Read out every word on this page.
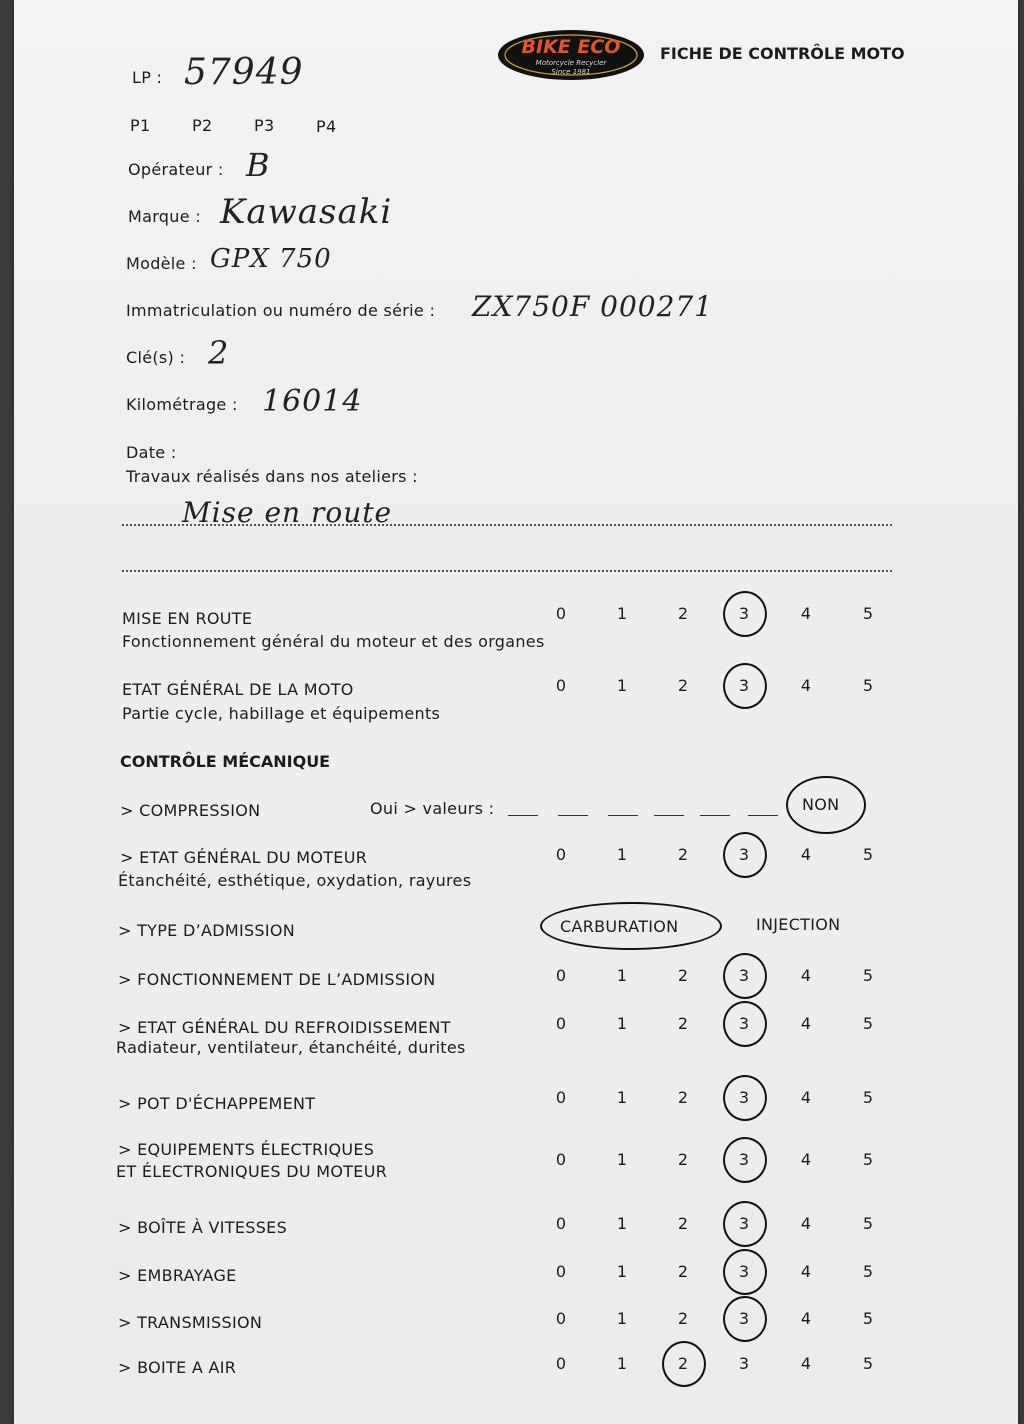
BIKE ECO
Motorcycle Recycler
Since 1981
FICHE DE CONTRÔLE MOTO
LP : 57949
P1	P2	P3	P4
Opérateur : B
Marque : Kawasaki
Modèle : GPX 750
Immatriculation ou numéro de série : ZX750F 000271
Clé(s) : 2
Kilométrage : 16014
Date :
Travaux réalisés dans nos ateliers :
Mise en route
MISE EN ROUTE
Fonctionnement général du moteur et des organes
0	1	2	3	4	5
ETAT GÉNÉRAL DE LA MOTO
Partie cycle, habillage et équipements
0	1	2	3	4	5
CONTRÔLE MÉCANIQUE
> COMPRESSION	Oui > valeurs :	NON
> ETAT GÉNÉRAL DU MOTEUR
Étanchéité, esthétique, oxydation, rayures
0	1	2	3	4	5
> TYPE D’ADMISSION	CARBURATION	INJECTION
> FONCTIONNEMENT DE L’ADMISSION	0	1	2	3	4	5
> ETAT GÉNÉRAL DU REFROIDISSEMENT
Radiateur, ventilateur, étanchéité, durites
0	1	2	3	4	5
> POT D'ÉCHAPPEMENT	0	1	2	3	4	5
> EQUIPEMENTS ÉLECTRIQUES
ET ÉLECTRONIQUES DU MOTEUR
0	1	2	3	4	5
> BOÎTE À VITESSES	0	1	2	3	4	5
> EMBRAYAGE	0	1	2	3	4	5
> TRANSMISSION	0	1	2	3	4	5
> BOITE A AIR	0	1	2	3	4	5
